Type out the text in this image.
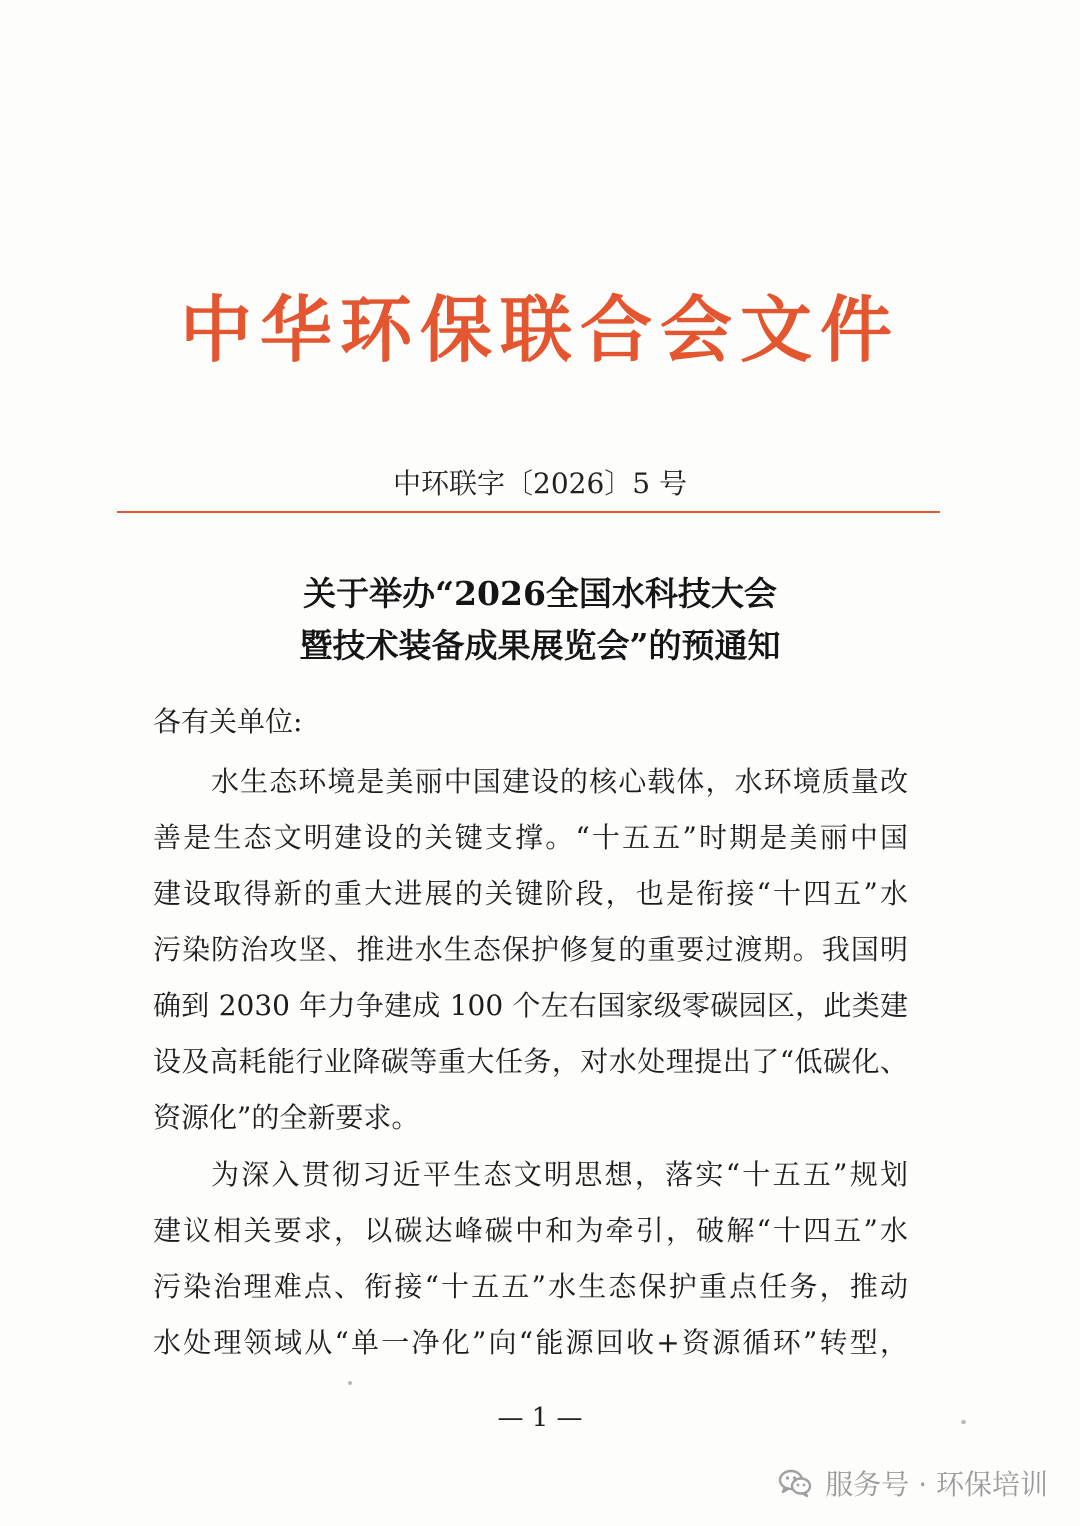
中华环保联合会文件
中环联字〔2026〕5 号
关于举办“2026全国水科技大会
暨技术装备成果展览会”的预通知
各有关单位:
水生态环境是美丽中国建设的核心载体，水环境质量改
善是生态文明建设的关键支撑。“十五五”时期是美丽中国
建设取得新的重大进展的关键阶段，也是衔接“十四五”水
污染防治攻坚、推进水生态保护修复的重要过渡期。我国明
确到 2030 年力争建成 100 个左右国家级零碳园区，此类建
设及高耗能行业降碳等重大任务，对水处理提出了“低碳化、
资源化”的全新要求。
为深入贯彻习近平生态文明思想，落实“十五五”规划
建议相关要求，以碳达峰碳中和为牵引，破解“十四五”水
污染治理难点、衔接“十五五”水生态保护重点任务，推动
水处理领域从“单一净化”向“能源回收+资源循环”转型，
— 1 —
服务号 · 环保培训
